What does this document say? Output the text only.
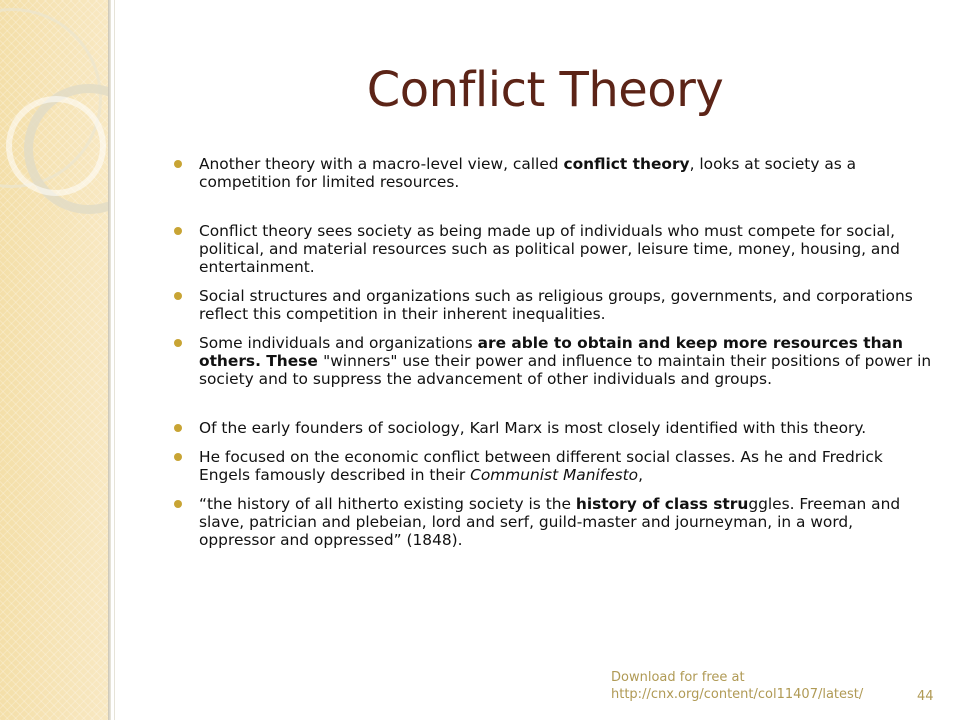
Conflict Theory
Another theory with a macro-level view, called conflict theory, looks at society as a competition for limited resources.
Conflict theory sees society as being made up of individuals who must compete for social, political, and material resources such as political power, leisure time, money, housing, and entertainment.
Social structures and organizations such as religious groups, governments, and corporations reflect this competition in their inherent inequalities.
Some individuals and organizations are able to obtain and keep more resources than others. These "winners" use their power and influence to maintain their positions of power in society and to suppress the advancement of other individuals and groups.
Of the early founders of sociology, Karl Marx is most closely identified with this theory.
He focused on the economic conflict between different social classes. As he and Fredrick Engels famously described in their Communist Manifesto,
“the history of all hitherto existing society is the history of class struggles. Freeman and slave, patrician and plebeian, lord and serf, guild-master and journeyman, in a word, oppressor and oppressed” (1848).
Download for free at
http://cnx.org/content/col11407/latest/	44
